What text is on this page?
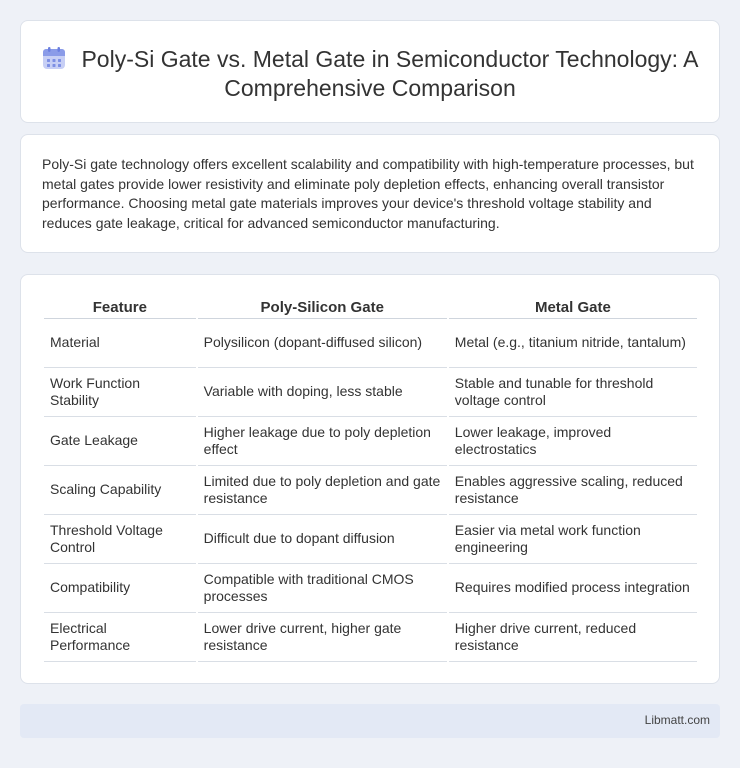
Poly-Si Gate vs. Metal Gate in Semiconductor Technology: A Comprehensive Comparison

Poly-Si gate technology offers excellent scalability and compatibility with high-temperature processes, but metal gates provide lower resistivity and eliminate poly depletion effects, enhancing overall transistor performance. Choosing metal gate materials improves your device's threshold voltage stability and reduces gate leakage, critical for advanced semiconductor manufacturing.

Feature	Poly-Silicon Gate	Metal Gate
Material	Polysilicon (dopant-diffused silicon)	Metal (e.g., titanium nitride, tantalum)
Work Function Stability	Variable with doping, less stable	Stable and tunable for threshold voltage control
Gate Leakage	Higher leakage due to poly depletion effect	Lower leakage, improved electrostatics
Scaling Capability	Limited due to poly depletion and gate resistance	Enables aggressive scaling, reduced resistance
Threshold Voltage Control	Difficult due to dopant diffusion	Easier via metal work function engineering
Compatibility	Compatible with traditional CMOS processes	Requires modified process integration
Electrical Performance	Lower drive current, higher gate resistance	Higher drive current, reduced resistance
Libmatt.com
